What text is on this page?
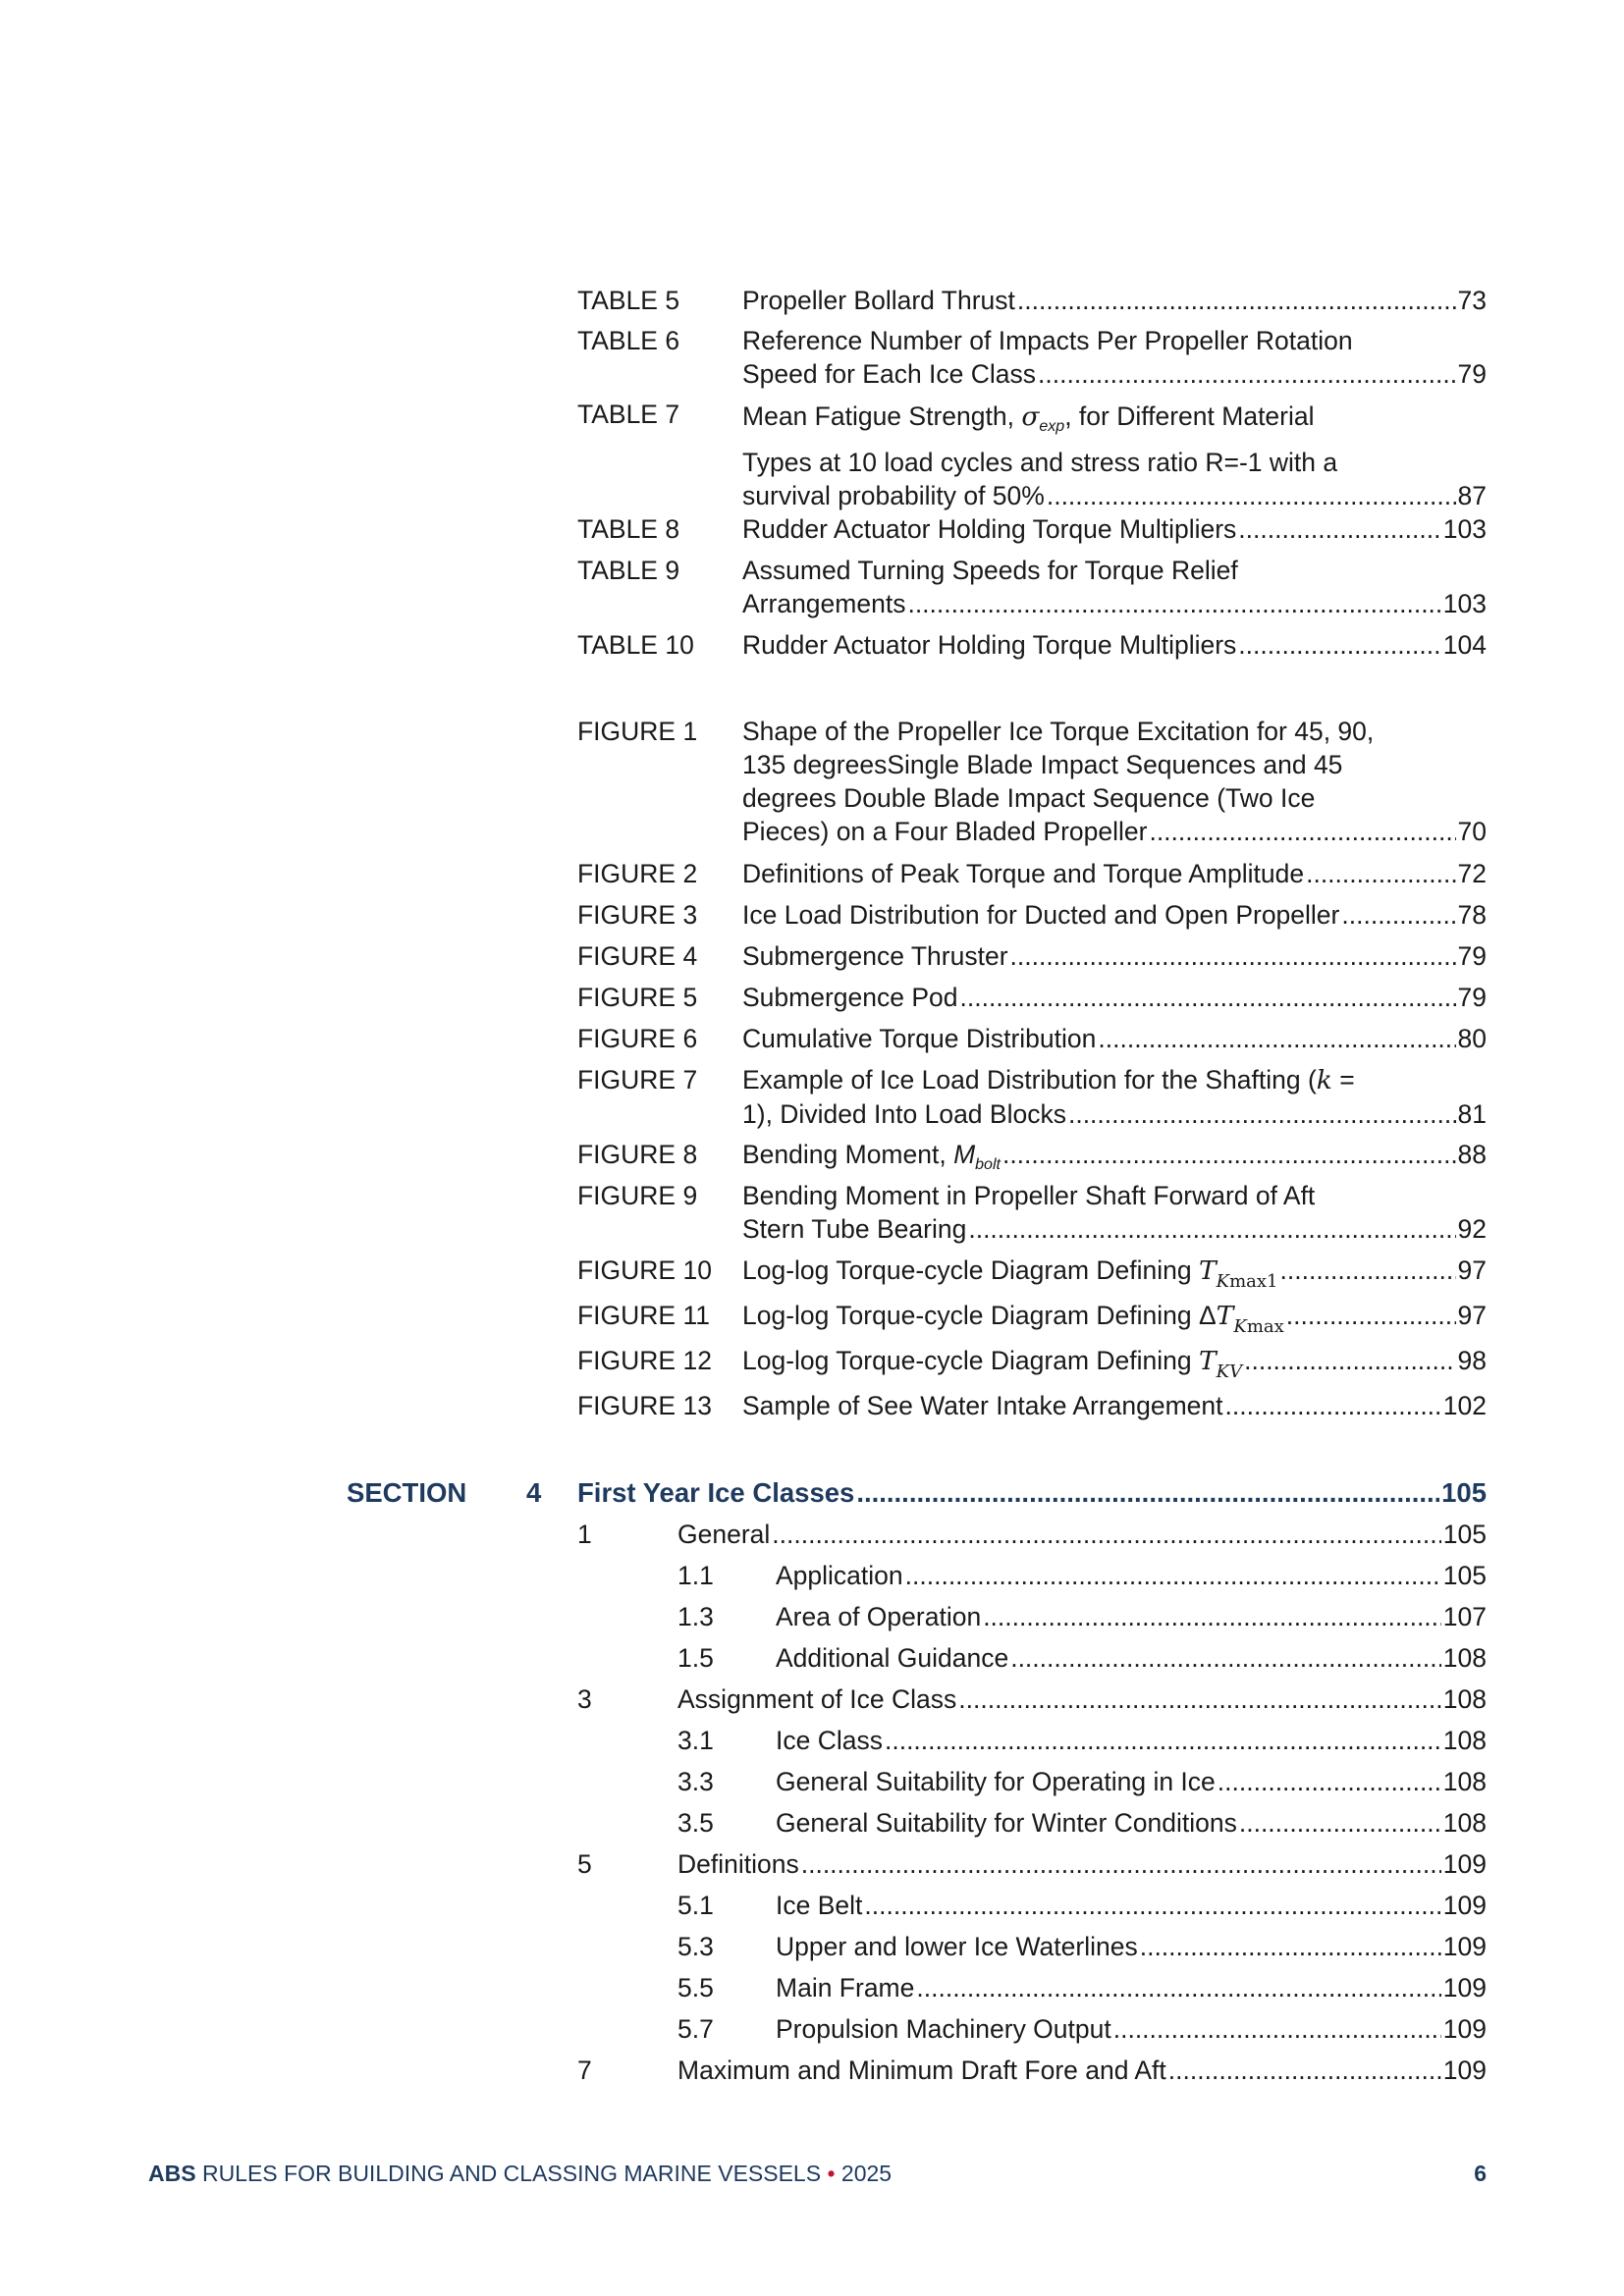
TABLE 5 Propeller Bollard Thrust .....	73
TABLE 6 Reference Number of Impacts Per Propeller Rotation
Speed for Each Ice Class .....	79
TABLE 7 Mean Fatigue Strength, $\sigma_{exp}$, for Different Material
Types at 10 load cycles and stress ratio R=-1 with a
survival probability of 50% .....	87
TABLE 8 Rudder Actuator Holding Torque Multipliers .....	103
TABLE 9 Assumed Turning Speeds for Torque Relief
Arrangements .....	103
TABLE 10 Rudder Actuator Holding Torque Multipliers .....	104
FIGURE 1 Shape of the Propeller Ice Torque Excitation for 45, 90,
135 degreesSingle Blade Impact Sequences and 45
degrees Double Blade Impact Sequence (Two Ice
Pieces) on a Four Bladed Propeller .....	70
FIGURE 2 Definitions of Peak Torque and Torque Amplitude .....	72
FIGURE 3 Ice Load Distribution for Ducted and Open Propeller .....	78
FIGURE 4 Submergence Thruster .....	79
FIGURE 5 Submergence Pod .....	79
FIGURE 6 Cumulative Torque Distribution .....	80
FIGURE 7 Example of Ice Load Distribution for the Shafting (k =
1), Divided Into Load Blocks .....	81
FIGURE 8 Bending Moment, $M_{bolt}$ .....	88
FIGURE 9 Bending Moment in Propeller Shaft Forward of Aft
Stern Tube Bearing .....	92
FIGURE 10 Log-log Torque-cycle Diagram Defining $T_{Kmax1}$ .....	97
FIGURE 11 Log-log Torque-cycle Diagram Defining $\Delta T_{Kmax}$ .....	97
FIGURE 12 Log-log Torque-cycle Diagram Defining $T_{KV}$ .....	98
FIGURE 13 Sample of See Water Intake Arrangement .....	102
SECTION 4 First Year Ice Classes .....	105
1	General .....	105
1.1 Application .....	105
1.3 Area of Operation .....	107
1.5 Additional Guidance .....	108
3	Assignment of Ice Class .....	108
3.1 Ice Class .....	108
3.3 General Suitability for Operating in Ice .....	108
3.5 General Suitability for Winter Conditions .....	108
5	Definitions .....	109
5.1 Ice Belt .....	109
5.3 Upper and lower Ice Waterlines .....	109
5.5 Main Frame .....	109
5.7 Propulsion Machinery Output .....	109
7	Maximum and Minimum Draft Fore and Aft .....	109
ABS RULES FOR BUILDING AND CLASSING MARINE VESSELS • 2025	6
